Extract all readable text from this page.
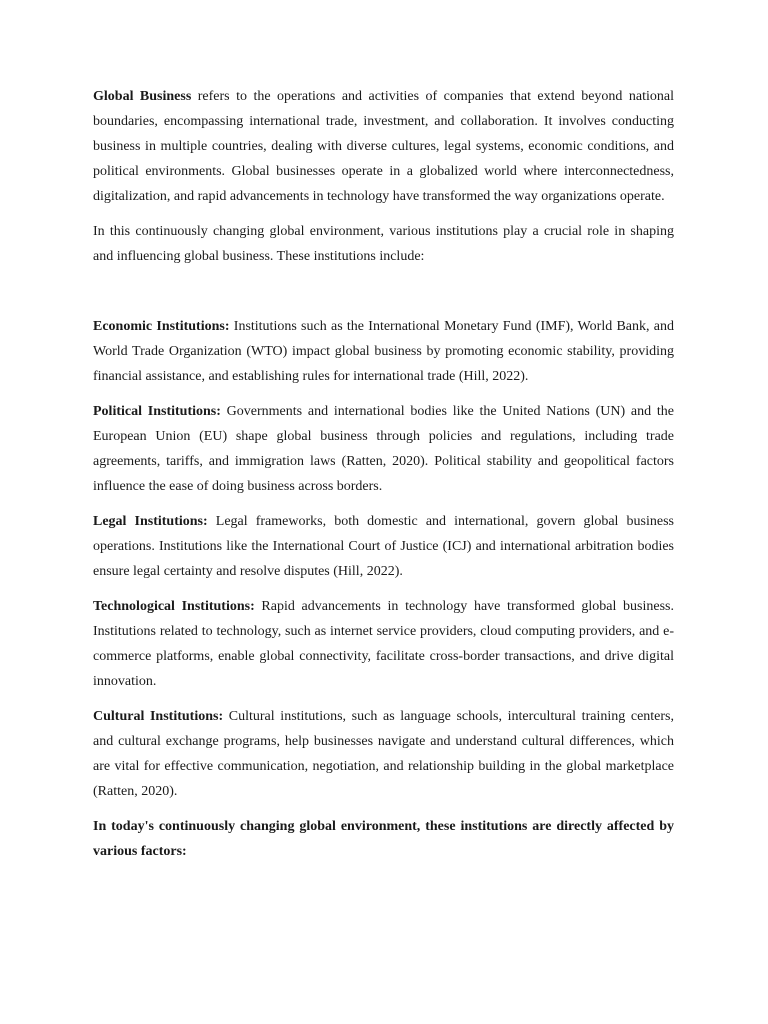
Global Business refers to the operations and activities of companies that extend beyond national boundaries, encompassing international trade, investment, and collaboration. It involves conducting business in multiple countries, dealing with diverse cultures, legal systems, economic conditions, and political environments. Global businesses operate in a globalized world where interconnectedness, digitalization, and rapid advancements in technology have transformed the way organizations operate.

In this continuously changing global environment, various institutions play a crucial role in shaping and influencing global business. These institutions include:

Economic Institutions: Institutions such as the International Monetary Fund (IMF), World Bank, and World Trade Organization (WTO) impact global business by promoting economic stability, providing financial assistance, and establishing rules for international trade (Hill, 2022).

Political Institutions: Governments and international bodies like the United Nations (UN) and the European Union (EU) shape global business through policies and regulations, including trade agreements, tariffs, and immigration laws (Ratten, 2020). Political stability and geopolitical factors influence the ease of doing business across borders.

Legal Institutions: Legal frameworks, both domestic and international, govern global business operations. Institutions like the International Court of Justice (ICJ) and international arbitration bodies ensure legal certainty and resolve disputes (Hill, 2022).

Technological Institutions: Rapid advancements in technology have transformed global business. Institutions related to technology, such as internet service providers, cloud computing providers, and e-commerce platforms, enable global connectivity, facilitate cross-border transactions, and drive digital innovation.

Cultural Institutions: Cultural institutions, such as language schools, intercultural training centers, and cultural exchange programs, help businesses navigate and understand cultural differences, which are vital for effective communication, negotiation, and relationship building in the global marketplace (Ratten, 2020).

In today's continuously changing global environment, these institutions are directly affected by various factors:
